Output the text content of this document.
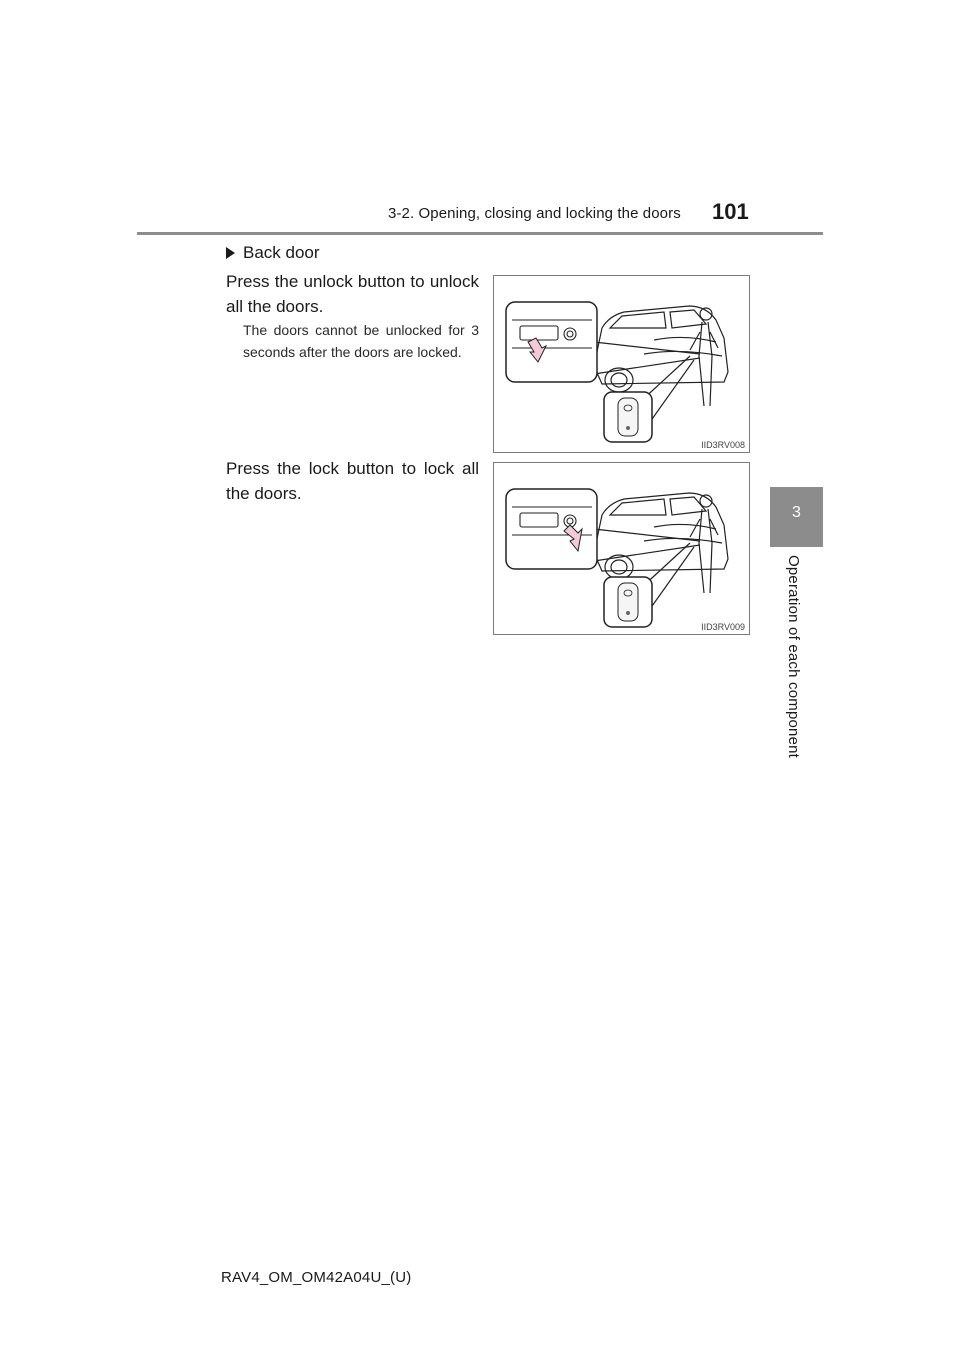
3-2. Opening, closing and locking the doors 101
3
Operation of each component
Back door
Press the unlock button to unlock all the doors.
The doors cannot be unlocked for 3 seconds after the doors are locked.
Press the lock button to lock all the doors.
IID3RV008
IID3RV009
RAV4_OM_OM42A04U_(U)
